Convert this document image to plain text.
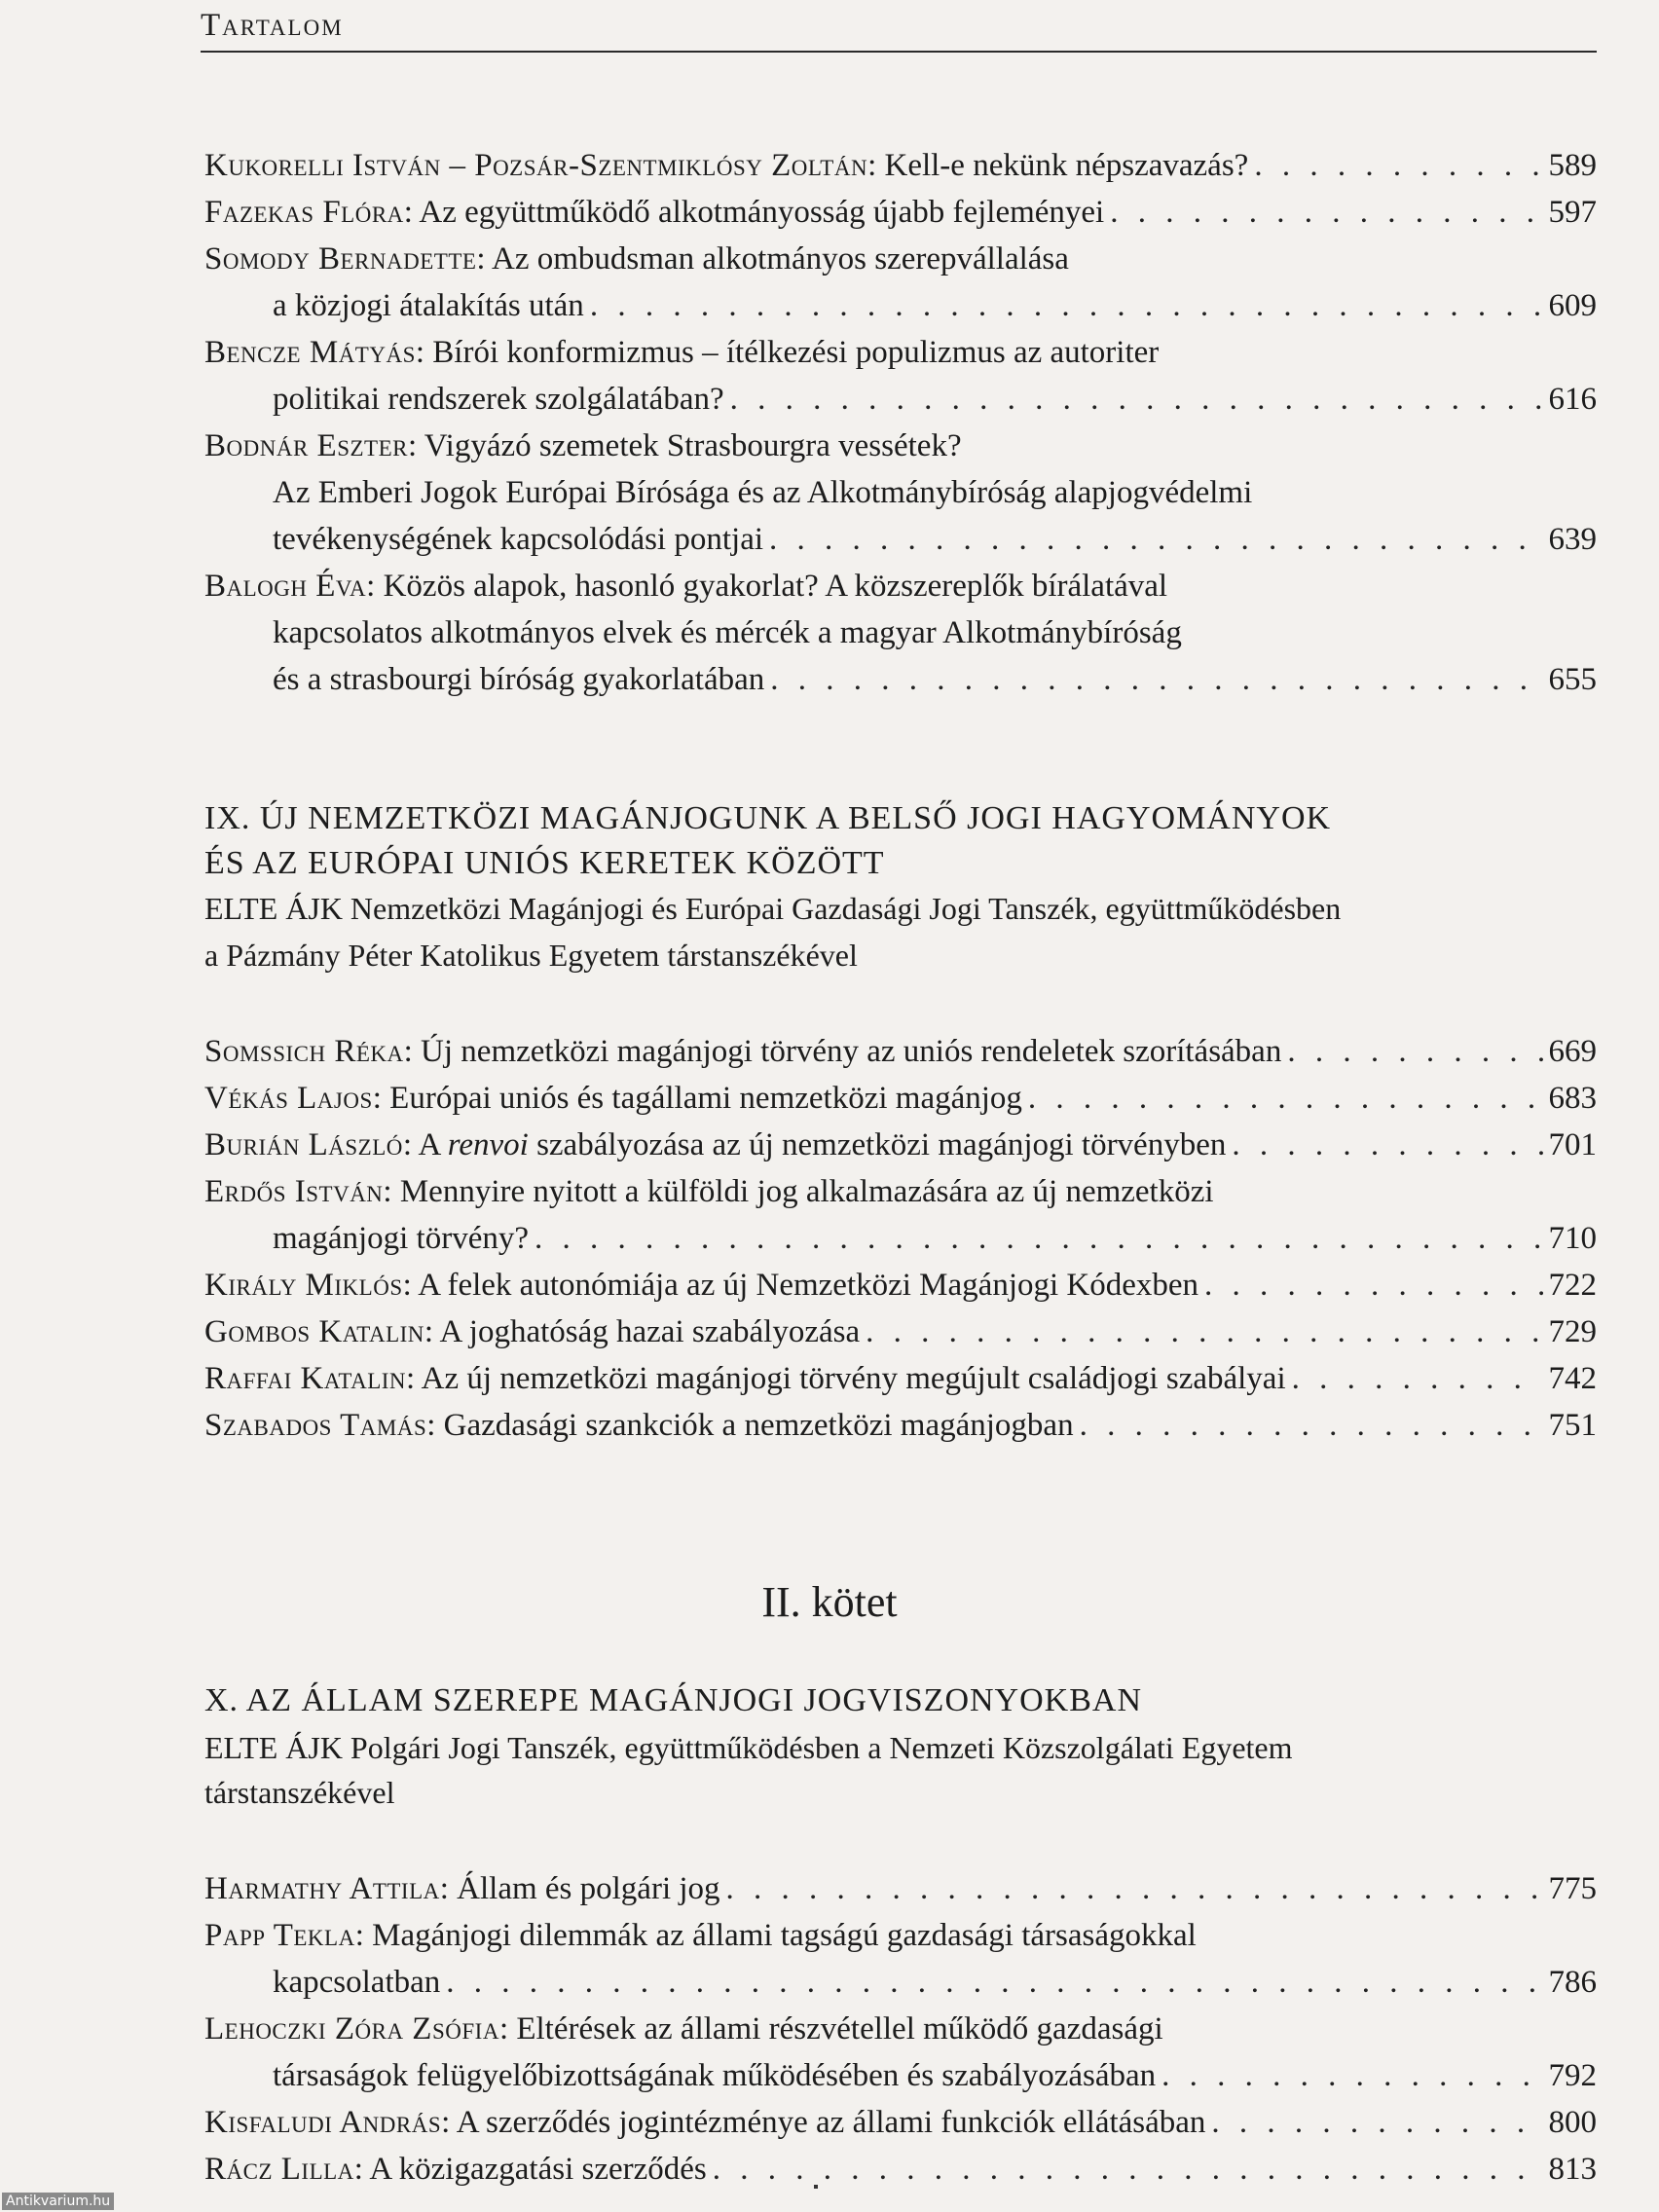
Tartalom
Kukorelli István – Pozsár-Szentmiklósy Zoltán : Kell-e nekünk népszavazás? . . .	589
Fazekas Flóra : Az együttműködő alkotmányosság újabb fejleményei . . .	597
Somody Bernadette : Az ombudsman alkotmányos szerepvállalása
a közjogi átalakítás után . . .	609
Bencze Mátyás : Bírói konformizmus – ítélkezési populizmus az autoriter
politikai rendszerek szolgálatában? . . .	616
Bodnár Eszter : Vigyázó szemetek Strasbourgra vessétek?
Az Emberi Jogok Európai Bírósága és az Alkotmánybíróság alapjogvédelmi
tevékenységének kapcsolódási pontjai . . .	639
Balogh Éva : Közös alapok, hasonló gyakorlat? A közszereplők bírálatával
kapcsolatos alkotmányos elvek és mércék a magyar Alkotmánybíróság
és a strasbourgi bíróság gyakorlatában . . .	655
IX. ÚJ NEMZETKÖZI MAGÁNJOGUNK A BELSŐ JOGI HAGYOMÁNYOK
ÉS AZ EURÓPAI UNIÓS KERETEK KÖZÖTT
ELTE ÁJK Nemzetközi Magánjogi és Európai Gazdasági Jogi Tanszék, együttműködésben
a Pázmány Péter Katolikus Egyetem társtanszékével
Somssich Réka : Új nemzetközi magánjogi törvény az uniós rendeletek szorításában . . .	669
Vékás Lajos : Európai uniós és tagállami nemzetközi magánjog . . .	683
Burián László : A renvoi szabályozása az új nemzetközi magánjogi törvényben . . .	701
Erdős István : Mennyire nyitott a külföldi jog alkalmazására az új nemzetközi
magánjogi törvény? . . .	710
Király Miklós : A felek autonómiája az új Nemzetközi Magánjogi Kódexben . . .	722
Gombos Katalin : A joghatóság hazai szabályozása . . .	729
Raffai Katalin : Az új nemzetközi magánjogi törvény megújult családjogi szabályai . . .	742
Szabados Tamás : Gazdasági szankciók a nemzetközi magánjogban . . .	751
II. kötet
X. AZ ÁLLAM SZEREPE MAGÁNJOGI JOGVISZONYOKBAN
ELTE ÁJK Polgári Jogi Tanszék, együttműködésben a Nemzeti Közszolgálati Egyetem
társtanszékével
Harmathy Attila : Állam és polgári jog . . .	775
Papp Tekla : Magánjogi dilemmák az állami tagságú gazdasági társaságokkal
kapcsolatban . . .	786
Lehoczki Zóra Zsófia : Eltérések az állami részvétellel működő gazdasági
társaságok felügyelőbizottságának működésében és szabályozásában . . .	792
Kisfaludi András : A szerződés jogintézménye az állami funkciók ellátásában . . .	800
Rácz Lilla : A közigazgatási szerződés . . .	813
Antikvarium.hu
